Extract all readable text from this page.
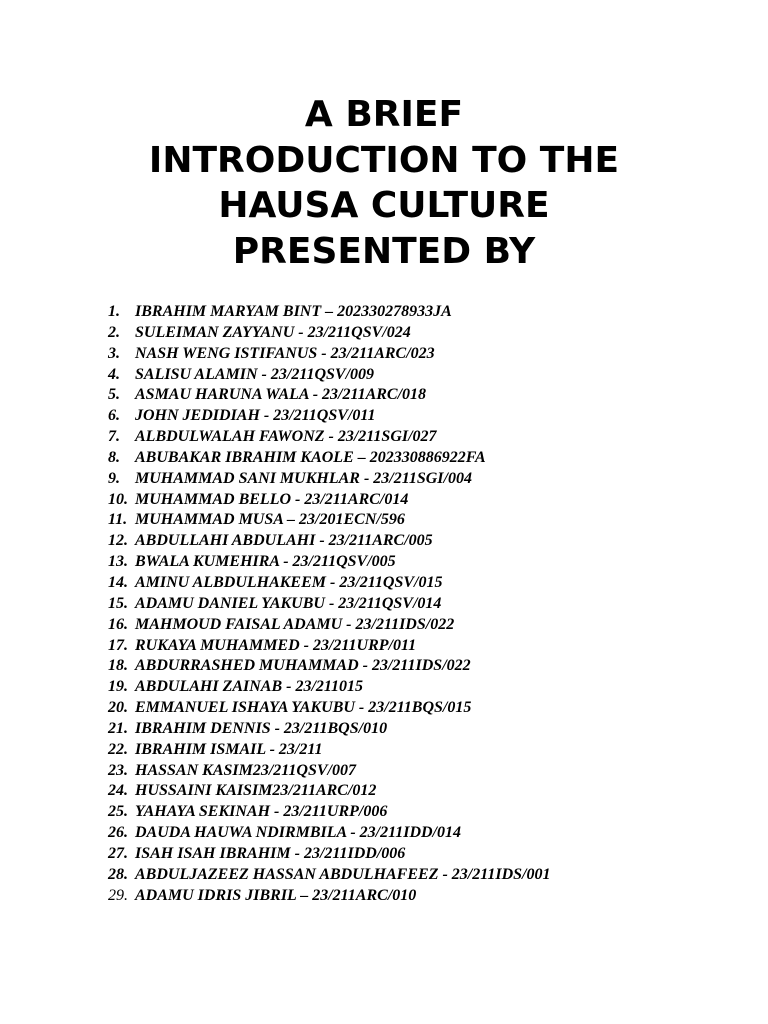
A BRIEF
INTRODUCTION TO THE
HAUSA CULTURE
PRESENTED BY
1. IBRAHIM MARYAM BINT – 202330278933JA
2. SULEIMAN ZAYYANU - 23/211QSV/024
3. NASH WENG ISTIFANUS - 23/211ARC/023
4. SALISU ALAMIN - 23/211QSV/009
5. ASMAU HARUNA WALA - 23/211ARC/018
6. JOHN JEDIDIAH - 23/211QSV/011
7. ALBDULWALAH FAWONZ - 23/211SGI/027
8. ABUBAKAR IBRAHIM KAOLE – 202330886922FA
9. MUHAMMAD SANI MUKHLAR - 23/211SGI/004
10. MUHAMMAD BELLO - 23/211ARC/014
11. MUHAMMAD MUSA – 23/201ECN/596
12. ABDULLAHI ABDULAHI - 23/211ARC/005
13. BWALA KUMEHIRA - 23/211QSV/005
14. AMINU ALBDULHAKEEM - 23/211QSV/015
15. ADAMU DANIEL YAKUBU - 23/211QSV/014
16. MAHMOUD FAISAL ADAMU - 23/211IDS/022
17. RUKAYA MUHAMMED - 23/211URP/011
18. ABDURRASHED MUHAMMAD - 23/211IDS/022
19. ABDULAHI ZAINAB - 23/211015
20. EMMANUEL ISHAYA YAKUBU - 23/211BQS/015
21. IBRAHIM DENNIS - 23/211BQS/010
22. IBRAHIM ISMAIL - 23/211
23. HASSAN KASIM23/211QSV/007
24. HUSSAINI KAISIM23/211ARC/012
25. YAHAYA SEKINAH - 23/211URP/006
26. DAUDA HAUWA NDIRMBILA - 23/211IDD/014
27. ISAH ISAH IBRAHIM - 23/211IDD/006
28. ABDULJAZEEZ HASSAN ABDULHAFEEZ - 23/211IDS/001
29. ADAMU IDRIS JIBRIL – 23/211ARC/010
